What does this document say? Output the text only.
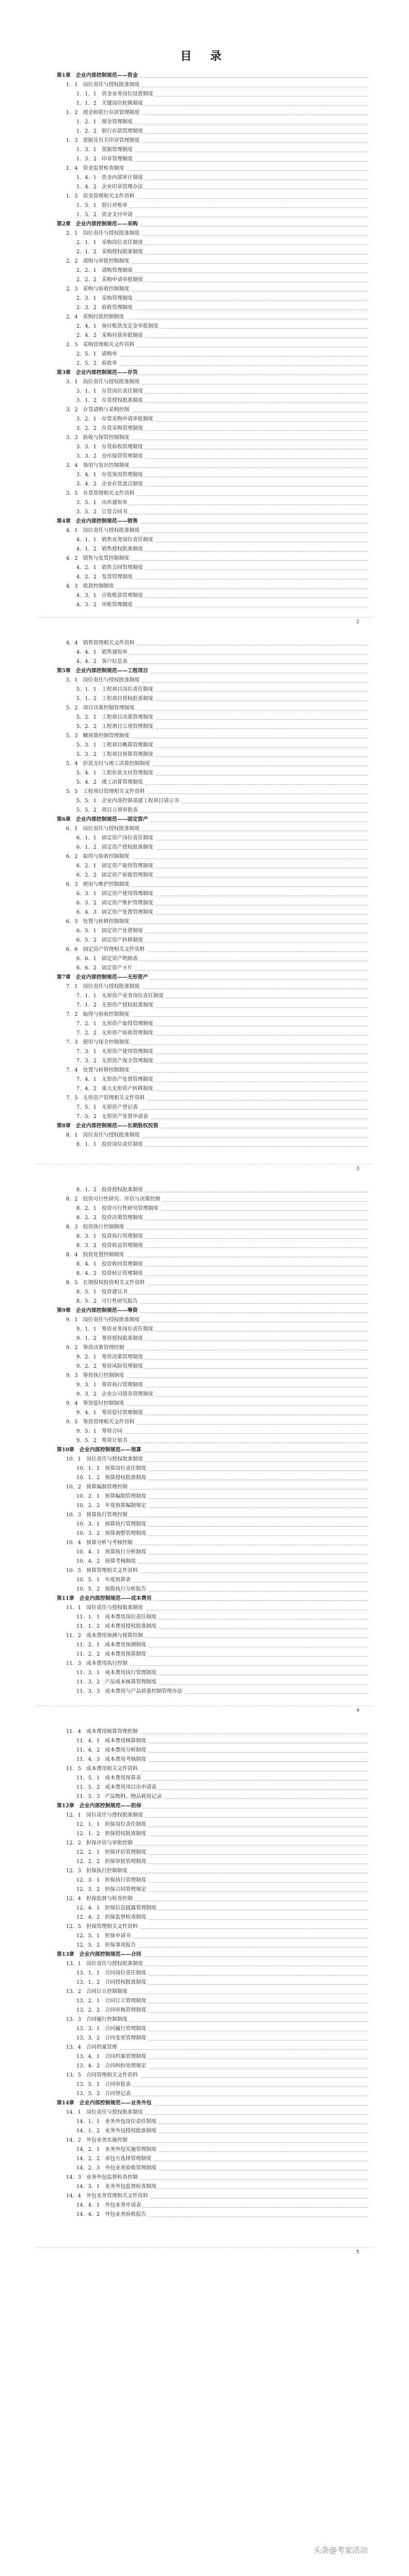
目 录
2
3
4
5
第1章　企业内部控制规范——资金
1．1　岗位责任与授权批准制度
1．1．1　资金业务岗位设置制度
1．1．2　关键岗位轮换制度
1．2　现金和银行存款管理制度
1．2．1　现金管理制度
1．2．2　银行存款管理制度
1．3　票据及有关印章管理制度
1．3．1　票据管理制度
1．3．2　印章管理制度
1．4　资金监督检查制度
1．4．1　资金内部审计制度
1．4．2　企业印章管理办法
1．5　资金管理相关文件资料
1．5．1　银行对账单
1．5．2　资金支付申请
第2章　企业内部控制规范——采购
2．1　岗位责任与授权批准制度
2．1．1　采购岗位责任制度
2．1．2　采购授权批准制度
2．2　请购与审批控制制度
2．2．1　请购管理制度
2．2．2　采购申请审批制度
2．3　采购与验收控制制度
2．3．1　采购管理制度
2．3．2　验收管理制度
2．4　采购付款控制制度
2．4．1　预付账款及定金审批制度
2．4．2　采购付款审批制度
2．5　采购管理相关文件资料
2．5．1　请购单
2．5．2　验收单
第3章　企业内部控制规范——存货
3．1　岗位责任与授权批准制度
3．1．1　存货岗位责任制度
3．1．2　存货授权批准制度
3．2　存货请购与采购控制
3．2．1　存货采购申请审批制度
3．2．2　存货采购管理制度
3．3　验收与保管控制制度
3．3．1　存货验收管理制度
3．3．2　仓库保管管理制度
3．4　领用与发出控制制度
3．4．1　存货领用管理制度
3．4．2　企业存货盘点制度
3．5　存货管理相关文件资料
3．5．1　出库通知单
3．5．2　订货合同书
第4章　企业内部控制规范——销售
4．1　岗位责任与授权批准制度
4．1．1　销售业务岗位责任制度
4．1．2　销售授权批准制度
4．2　销售与发货控制制度
4．2．1　销售合同管理制度
4．2．2　发货管理制度
4．3　收款控制制度
4．3．1　应收账款管理制度
4．3．2　坏账管理制度
4．4　销售管理相关文件资料
4．4．1　销售通知单
4．4．2　客户信息表
第5章　企业内部控制规范——工程项目
5．1　岗位责任与授权批准制度
5．1．1　工程项目岗位责任制度
5．1．2　工程项目授权批准制度
5．2　项目决策控制管理制度
5．2．1　工程项目决策管理制度
5．2．2　工程项目立项管理制度
5．3　概预算控制管理制度
5．3．1　工程项目概算管理制度
5．3．2　工程项目预算管理制度
5．4　价款支付与竣工决算控制制度
5．4．1　工程价款支付管理制度
5．4．2　竣工决算管理制度
5．5　工程项目管理相关文件资料
5．5．1　企业内部控制基建工程项目请示书
5．5．2　项目立项审批表
第6章　企业内部控制规范——固定资产
6．1　岗位责任与授权批准制度
6．1．1　固定资产岗位责任制度
6．1．2　固定资产授权批准制度
6．2　取得与验收控制制度
6．2．1　固定资产取得管理制度
6．2．2　固定资产验收管理制度
6．3　使用与维护控制制度
6．3．1　固定资产使用管理制度
6．3．2　固定资产维护管理制度
6．4．3　固定资产处置管理制度
6．5　处置与转移控制制度
6．5．1　固定资产处置制度
6．5．2　固定资产转移制度
6．6　固定资产管理相关文件资料
6．6．1　固定资产明细表
6．6．2　固定资产卡片
第7章　企业内部控制规范——无形资产
7．1　岗位责任与授权批准制度
7．1．1　无形资产业务岗位责任制度
7．1．2　无形资产授权批准制度
7．2　取得与验收控制制度
7．2．1　无形资产取得管理制度
7．2．2　无形资产验收管理制度
7．3　使用与保全控制制度
7．3．1　无形资产使用管理制度
7．3．2　无形资产保全管理制度
7．4　处置与转移控制制度
7．4．1　无形资产处置管理制度
7．4．2　重大无形资产转移制度
7．5　无形资产管理相关文件资料
7．5．1　无形资产登记表
7．5．2　无形资产处置申请表
第8章　企业内部控制规范——长期股权投资
8．1　岗位责任与授权批准制度
8．1．1　投资岗位责任制度
8．1．2　投资授权批准制度
8．2　投资可行性研究、评估与决策控制
8．2．1　投资可行性研究管理制度
8．2．2　投资决策管理制度
8．3　投资执行控制制度
8．3．1　投资执行管理制度
8．3．2　投资收益管理制度
8．4　投资处置控制制度
8．4．1　投资收回管理制度
8．4．2　投资转让管理制度
8．5　长期股权投资相关文件资料
8．5．1　投资建议书
8．5．2　可行性研究报告
第9章　企业内部控制规范——筹资
9．1　岗位责任与授权批准制度
9．1．1　筹资业务岗位责任制度
9．1．2　筹资授权批准制度
9．2　筹资决策管理控制
9．2．1　筹资决策管理制度
9．2．2　筹资风险管理制度
9．3　筹资执行控制制度
9．3．1　筹资执行管理制度
9．3．2　企业公司债券管理制度
9．4　筹资偿付控制制度
9．4．1　筹资偿付管理制度
9．5　筹资管理相关文件资料
9．5．1　筹资合同
9．5．2　筹资计划书
第10章　企业内部控制规范——预算
10．1　岗位责任与授权批准制度
10．1．1　预算岗位责任制度
10．1．2　预算授权批准制度
10．2　预算编制管理控制
10．2．1　预算编制管理制度
10．2．2　年度预算编制规定
10．3　预算执行管理控制
10．3．1　预算执行管理制度
10．3．2　预算调整管理制度
10．4　预算分析与考核控制
10．4．1　预算执行分析制度
10．4．2　预算考核制度
10．5　预算管理相关文件资料
10．5．1　年度预算表
10．5．2　预算执行分析报告
第11章　企业内部控制规范——成本费用
11．1　岗位责任与授权批准制度
11．1．1　成本费用岗位责任制度
11．1．2　成本费用授权批准制度
11．2　成本费用预测与预算控制
11．2．1　成本费用预测制度
11．2．2　成本费用预算制度
11．3　成本费用执行控制
11．3．1　成本费用执行管理制度
11．3．2　产品成本核算管理制度
11．3．3　成本费用与产品质量控制管理办法
11．4　成本费用核算管理控制
11．4．1　成本费用核算制度
11．4．2　成本费用分析制度
11．4．3　成本费用考核制度
11．5　成本费用相关文件资料
11．5．1　成本费用预算表
11．5．2　成本费用项目出申请表
11．5．3　产品物料、物品耗用记录
第12章　企业内部控制规范——担保
12．1　岗位责任与授权批准制度
12．1．1　担保岗位责任制度
12．1．2　担保授权批准制度
12．2　担保评估与审批控制
12．2．1　担保评估管理制度
12．2．2　担保审批管理制度
12．3　担保执行控制制度
12．3．1　担保执行管理制度
12．3．2　担保合同管理规定
12．4　担保监督与检查控制
12．4．1　担保信息披露管理制度
12．4．2　担保监督检查制度
12．5　担保管理相关文件资料
12．5．1　担保申请书
12．5．2　担保事项报告
第13章　企业内部控制规范——合同
13．1　岗位责任与授权批准制度
13．1．1　合同岗位责任制度
13．1．2　合同授权批准制度
13．2　合同订立控制制度
13．2．1　合同订立管理制度
13．2．2　合同审核管理制度
13．3　合同履行控制制度
13．3．1　合同履行管理制度
13．3．2　合同变更管理制度
13．4　合同档案管理
13．4．1　合同档案管理制度
13．4．2　合同纠纷处理规定
13．5　合同管理相关文件资料
13．5．1　合同审批表
13．5．2　合同登记表
第14章　企业内部控制规范——业务外包
14．1　岗位责任与授权批准制度
14．1．1　业务外包岗位责任制度
14．1．2　业务外包授权批准制度
14．2　外包业务实施控制
14．2．1　业务外包实施管理制度
14．2．2　承包方选择管理制度
14．2．3　外包业务验收管理制度
14．3　业务外包监督检查控制
14．3．1　业务外包监督检查制度
14．4　外包业务管理相关文件资料
14．4．1　外包业务申请表
14．4．2　外包业务验收报告
头条@考家活动
